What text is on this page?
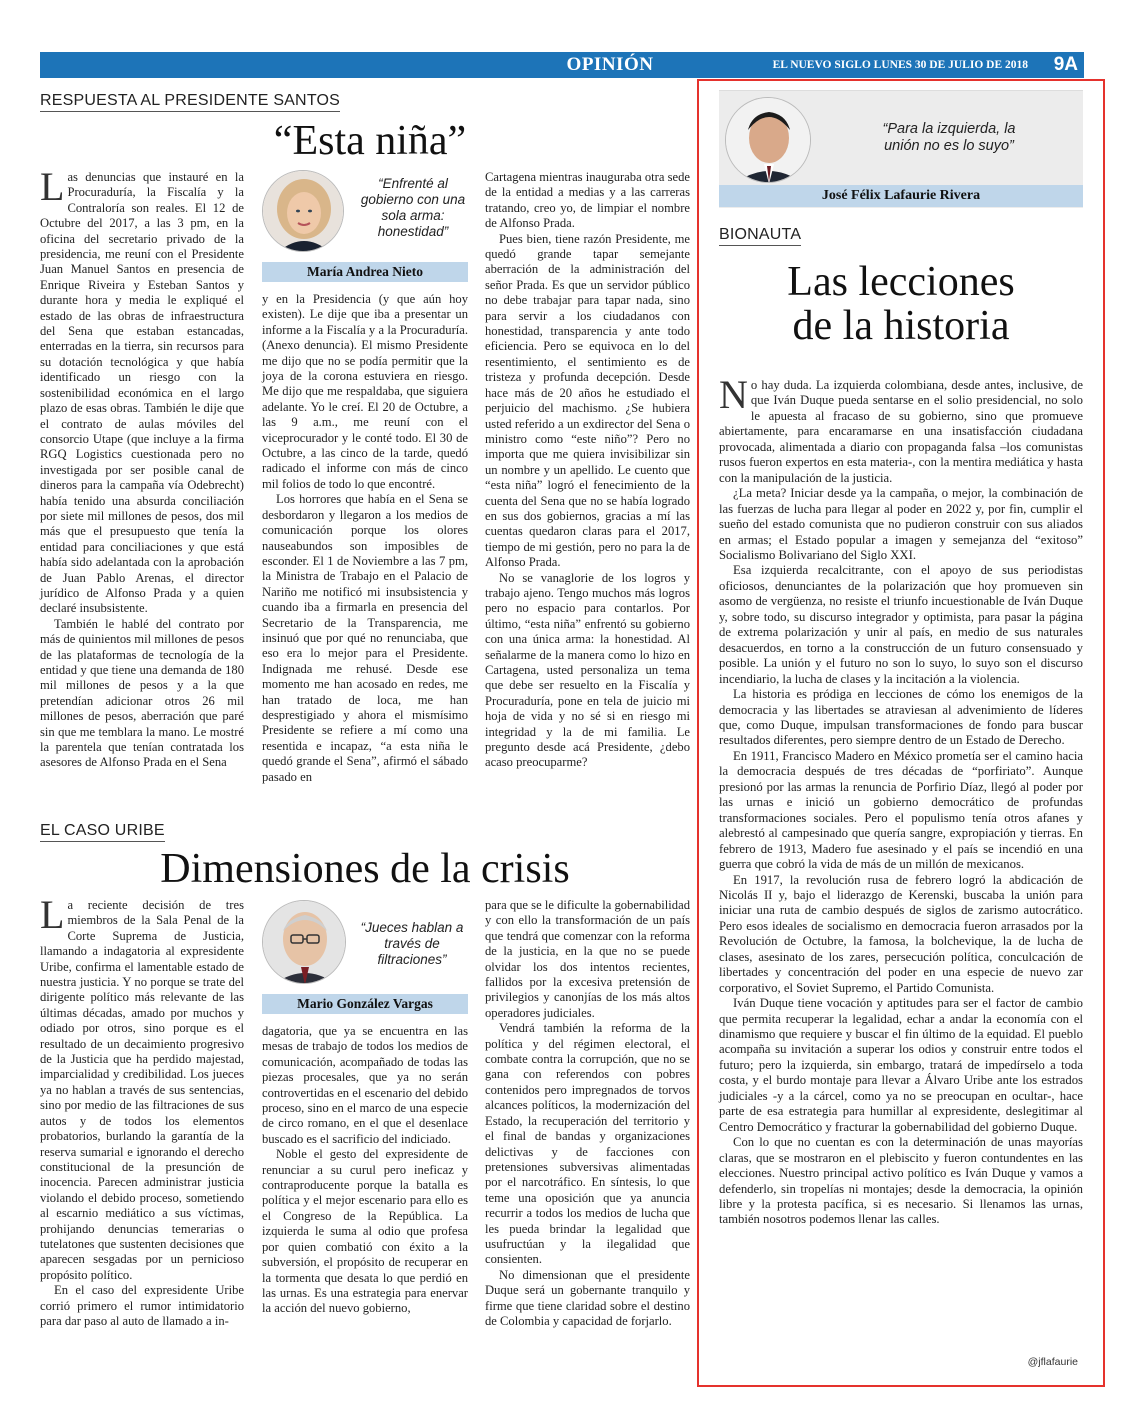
OPINIÓN	EL NUEVO SIGLO LUNES 30 DE JULIO DE 2018 9A
RESPUESTA AL PRESIDENTE SANTOS
“Esta niña”

Las denuncias que instauré en la Procuraduría, la Fiscalía y la Contraloría son reales. El 12 de Octubre del 2017, a las 3 pm, en la oficina del secretario privado de la presidencia, me reuní con el Presidente Juan Manuel Santos en presencia de Enrique Riveira y Esteban Santos y durante hora y media le expliqué el estado de las obras de infraestructura del Sena que estaban estancadas, enterradas en la tierra, sin recursos para su dotación tecnológica y que había identificado un riesgo con la sostenibilidad económica en el largo plazo de esas obras. También le dije que el contrato de aulas móviles del consorcio Utape (que incluye a la firma RGQ Logistics cuestionada pero no investigada por ser posible canal de dineros para la campaña vía Odebrecht) había tenido una absurda conciliación por siete mil millones de pesos, dos mil más que el presupuesto que tenía la entidad para conciliaciones y que está había sido adelantada con la aprobación de Juan Pablo Arenas, el director jurídico de Alfonso Prada y a quien declaré insubsistente.

También le hablé del contrato por más de quinientos mil millones de pesos de las plataformas de tecnología de la entidad y que tiene una demanda de 180 mil millones de pesos y a la que pretendían adicionar otros 26 mil millones de pesos, aberración que paré sin que me temblara la mano. Le mostré la parentela que tenían contratada los asesores de Alfonso Prada en el Sena

“Enfrenté al gobierno con una sola arma: honestidad”
María Andrea Nieto

y en la Presidencia (y que aún hoy existen). Le dije que iba a presentar un informe a la Fiscalía y a la Procuraduría. (Anexo denuncia). El mismo Presidente me dijo que no se podía permitir que la joya de la corona estuviera en riesgo. Me dijo que me respaldaba, que siguiera adelante. Yo le creí. El 20 de Octubre, a las 9 a.m., me reuní con el viceprocurador y le conté todo. El 30 de Octubre, a las cinco de la tarde, quedó radicado el informe con más de cinco mil folios de todo lo que encontré.

Los horrores que había en el Sena se desbordaron y llegaron a los medios de comunicación porque los olores nauseabundos son imposibles de esconder. El 1 de Noviembre a las 7 pm, la Ministra de Trabajo en el Palacio de Nariño me notificó mi insubsistencia y cuando iba a firmarla en presencia del Secretario de la Transparencia, me insinuó que por qué no renunciaba, que eso era lo mejor para el Presidente. Indignada me rehusé. Desde ese momento me han acosado en redes, me han tratado de loca, me han desprestigiado y ahora el mismísimo Presidente se refiere a mí como una resentida e incapaz, “a esta niña le quedó grande el Sena”, afirmó el sábado pasado en

Cartagena mientras inauguraba otra sede de la entidad a medias y a las carreras tratando, creo yo, de limpiar el nombre de Alfonso Prada.

Pues bien, tiene razón Presidente, me quedó grande tapar semejante aberración de la administración del señor Prada. Es que un servidor público no debe trabajar para tapar nada, sino para servir a los ciudadanos con honestidad, transparencia y ante todo eficiencia. Pero se equivoca en lo del resentimiento, el sentimiento es de tristeza y profunda decepción. Desde hace más de 20 años he estudiado el perjuicio del machismo. ¿Se hubiera usted referido a un exdirector del Sena o ministro como “este niño”? Pero no importa que me quiera invisibilizar sin un nombre y un apellido. Le cuento que “esta niña” logró el fenecimiento de la cuenta del Sena que no se había logrado en sus dos gobiernos, gracias a mí las cuentas quedaron claras para el 2017, tiempo de mi gestión, pero no para la de Alfonso Prada.

No se vanaglorie de los logros y trabajo ajeno. Tengo muchos más logros pero no espacio para contarlos. Por último, “esta niña” enfrentó su gobierno con una única arma: la honestidad. Al señalarme de la manera como lo hizo en Cartagena, usted personaliza un tema que debe ser resuelto en la Fiscalía y Procuraduría, pone en tela de juicio mi hoja de vida y no sé si en riesgo mi integridad y la de mi familia. Le pregunto desde acá Presidente, ¿debo acaso preocuparme?

EL CASO URIBE
Dimensiones de la crisis

La reciente decisión de tres miembros de la Sala Penal de la Corte Suprema de Justicia, llamando a indagatoria al expresidente Uribe, confirma el lamentable estado de nuestra justicia. Y no porque se trate del dirigente político más relevante de las últimas décadas, amado por muchos y odiado por otros, sino porque es el resultado de un decaimiento progresivo de la Justicia que ha perdido majestad, imparcialidad y credibilidad. Los jueces ya no hablan a través de sus sentencias, sino por medio de las filtraciones de sus autos y de todos los elementos probatorios, burlando la garantía de la reserva sumarial e ignorando el derecho constitucional de la presunción de inocencia. Parecen administrar justicia violando el debido proceso, sometiendo al escarnio mediático a sus víctimas, prohijando denuncias temerarias o tutelatones que sustenten decisiones que aparecen sesgadas por un pernicioso propósito político.

En el caso del expresidente Uribe corrió primero el rumor intimidatorio para dar paso al auto de llamado a in-

“Jueces hablan a través de filtraciones”
Mario González Vargas

dagatoria, que ya se encuentra en las mesas de trabajo de todos los medios de comunicación, acompañado de todas las piezas procesales, que ya no serán controvertidas en el escenario del debido proceso, sino en el marco de una especie de circo romano, en el que el desenlace buscado es el sacrificio del indiciado.

Noble el gesto del expresidente de renunciar a su curul pero ineficaz y contraproducente porque la batalla es política y el mejor escenario para ello es el Congreso de la República. La izquierda le suma al odio que profesa por quien combatió con éxito a la subversión, el propósito de recuperar en la tormenta que desata lo que perdió en las urnas. Es una estrategia para enervar la acción del nuevo gobierno,

para que se le dificulte la gobernabilidad y con ello la transformación de un país que tendrá que comenzar con la reforma de la justicia, en la que no se puede olvidar los dos intentos recientes, fallidos por la excesiva pretensión de privilegios y canonjías de los más altos operadores judiciales.

Vendrá también la reforma de la política y del régimen electoral, el combate contra la corrupción, que no se gana con referendos con pobres contenidos pero impregnados de torvos alcances políticos, la modernización del Estado, la recuperación del territorio y el final de bandas y organizaciones delictivas y de facciones con pretensiones subversivas alimentadas por el narcotráfico. En síntesis, lo que teme una oposición que ya anuncia recurrir a todos los medios de lucha que les pueda brindar la legalidad que usufructúan y la ilegalidad que consienten.

No dimensionan que el presidente Duque será un gobernante tranquilo y firme que tiene claridad sobre el destino de Colombia y capacidad de forjarlo.

“Para la izquierda, la unión no es lo suyo”
José Félix Lafaurie Rivera
BIONAUTA
Las lecciones
de la historia

No hay duda. La izquierda colombiana, desde antes, inclusive, de que Iván Duque pueda sentarse en el solio presidencial, no solo le apuesta al fracaso de su gobierno, sino que promueve abiertamente, para encaramarse en una insatisfacción ciudadana provocada, alimentada a diario con propaganda falsa –los comunistas rusos fueron expertos en esta materia-, con la mentira mediática y hasta con la manipulación de la justicia.

¿La meta? Iniciar desde ya la campaña, o mejor, la combinación de las fuerzas de lucha para llegar al poder en 2022 y, por fin, cumplir el sueño del estado comunista que no pudieron construir con sus aliados en armas; el Estado popular a imagen y semejanza del “exitoso” Socialismo Bolivariano del Siglo XXI.

Esa izquierda recalcitrante, con el apoyo de sus periodistas oficiosos, denunciantes de la polarización que hoy promueven sin asomo de vergüenza, no resiste el triunfo incuestionable de Iván Duque y, sobre todo, su discurso integrador y optimista, para pasar la página de extrema polarización y unir al país, en medio de sus naturales desacuerdos, en torno a la construcción de un futuro consensuado y posible. La unión y el futuro no son lo suyo, lo suyo son el discurso incendiario, la lucha de clases y la incitación a la violencia.

La historia es pródiga en lecciones de cómo los enemigos de la democracia y las libertades se atraviesan al advenimiento de líderes que, como Duque, impulsan transformaciones de fondo para buscar resultados diferentes, pero siempre dentro de un Estado de Derecho.

En 1911, Francisco Madero en México prometía ser el camino hacia la democracia después de tres décadas de “porfiriato”. Aunque presionó por las armas la renuncia de Porfirio Díaz, llegó al poder por las urnas e inició un gobierno democrático de profundas transformaciones sociales. Pero el populismo tenía otros afanes y alebrestó al campesinado que quería sangre, expropiación y tierras. En febrero de 1913, Madero fue asesinado y el país se incendió en una guerra que cobró la vida de más de un millón de mexicanos.

En 1917, la revolución rusa de febrero logró la abdicación de Nicolás II y, bajo el liderazgo de Kerenski, buscaba la unión para iniciar una ruta de cambio después de siglos de zarismo autocrático. Pero esos ideales de socialismo en democracia fueron arrasados por la Revolución de Octubre, la famosa, la bolchevique, la de lucha de clases, asesinato de los zares, persecución política, conculcación de libertades y concentración del poder en una especie de nuevo zar corporativo, el Soviet Supremo, el Partido Comunista.

Iván Duque tiene vocación y aptitudes para ser el factor de cambio que permita recuperar la legalidad, echar a andar la economía con el dinamismo que requiere y buscar el fin último de la equidad. El pueblo acompaña su invitación a superar los odios y construir entre todos el futuro; pero la izquierda, sin embargo, tratará de impedírselo a toda costa, y el burdo montaje para llevar a Álvaro Uribe ante los estrados judiciales -y a la cárcel, como ya no se preocupan en ocultar-, hace parte de esa estrategia para humillar al expresidente, deslegitimar al Centro Democrático y fracturar la gobernabilidad del gobierno Duque.

Con lo que no cuentan es con la determinación de unas mayorías claras, que se mostraron en el plebiscito y fueron contundentes en las elecciones. Nuestro principal activo político es Iván Duque y vamos a defenderlo, sin tropelías ni montajes; desde la democracia, la opinión libre y la protesta pacífica, si es necesario. Si llenamos las urnas, también nosotros podemos llenar las calles.

@jflafaurie
